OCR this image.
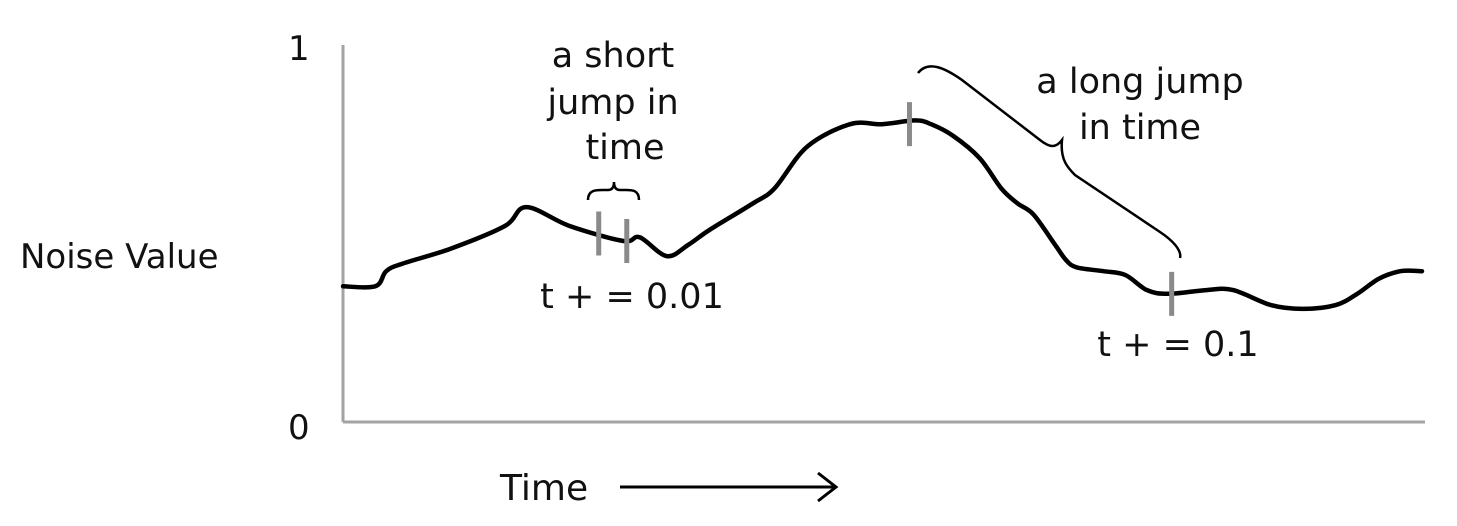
1
0
Noise Value
Time
a short
jump in
time
t + = 0.01
a long jump
in time
t + = 0.1
